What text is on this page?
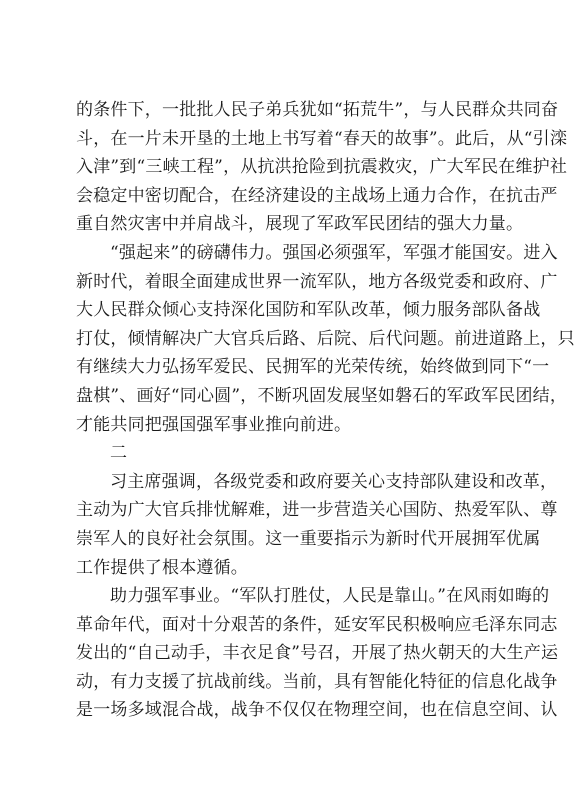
的条件下，一批批人民子弟兵犹如“拓荒牛”，与人民群众共同奋
斗，在一片未开垦的土地上书写着“春天的故事”。此后，从“引滦
入津”到“三峡工程”，从抗洪抢险到抗震救灾，广大军民在维护社
会稳定中密切配合，在经济建设的主战场上通力合作，在抗击严
重自然灾害中并肩战斗，展现了军政军民团结的强大力量。
“强起来”的磅礴伟力。强国必须强军，军强才能国安。进入
新时代，着眼全面建成世界一流军队，地方各级党委和政府、广
大人民群众倾心支持深化国防和军队改革，倾力服务部队备战
打仗，倾情解决广大官兵后路、后院、后代问题。前进道路上，只
有继续大力弘扬军爱民、民拥军的光荣传统，始终做到同下“一
盘棋”、画好“同心圆”，不断巩固发展坚如磐石的军政军民团结，
才能共同把强国强军事业推向前进。
二
习主席强调，各级党委和政府要关心支持部队建设和改革，
主动为广大官兵排忧解难，进一步营造关心国防、热爱军队、尊
崇军人的良好社会氛围。这一重要指示为新时代开展拥军优属
工作提供了根本遵循。
助力强军事业。“军队打胜仗，人民是靠山。”在风雨如晦的
革命年代，面对十分艰苦的条件，延安军民积极响应毛泽东同志
发出的“自己动手，丰衣足食”号召，开展了热火朝天的大生产运
动，有力支援了抗战前线。当前，具有智能化特征的信息化战争
是一场多域混合战，战争不仅仅在物理空间，也在信息空间、认
